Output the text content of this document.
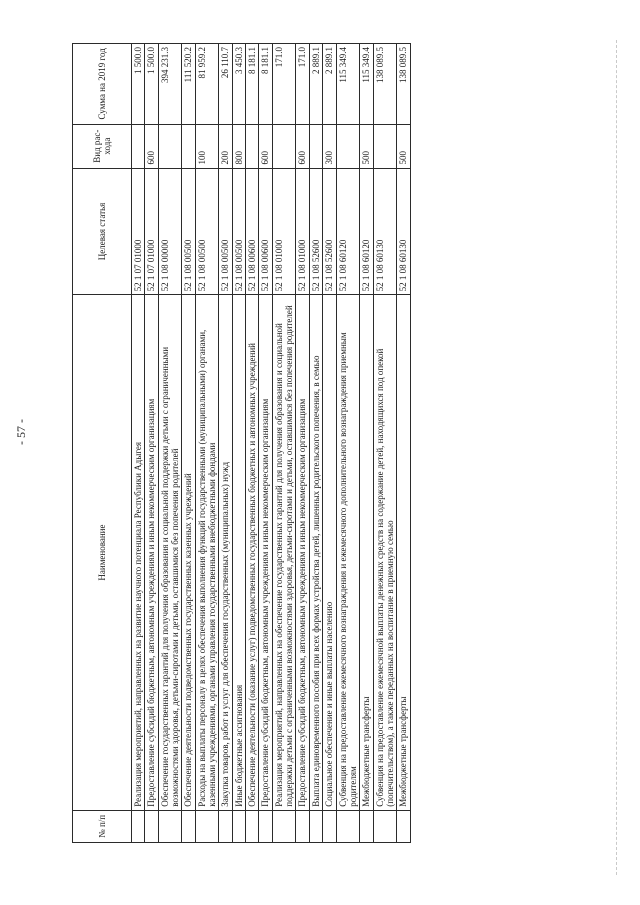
- 57 -
№ п/п	Наименование	Целевая статья	Вид рас-хода	Сумма на 2019 год
	Реализация мероприятий, направленных на развитие научного потенциала Республики Адыгея	52 1 07 01000		1 500.0
	Предоставление субсидий бюджетным, автономным учреждениям и иным некоммерческим организациям	52 1 07 01000	600	1 500.0
	Обеспечение государственных гарантий для получения образования и социальной поддержки детьми с ограниченными возможностями здоровья, детьми-сиротами и детьми, оставшимися без попечения родителей	52 1 08 00000		394 231.3
	Обеспечение деятельности подведомственных государственных казенных учреждений	52 1 08 00500		111 520.2
	Расходы на выплаты персоналу в целях обеспечения выполнения функций государственными (муниципальными) органами, казенными учреждениями, органами управления государственными внебюджетными фондами	52 1 08 00500	100	81 959.2
	Закупка товаров, работ и услуг для обеспечения государственных (муниципальных) нужд	52 1 08 00500	200	26 110.7
	Иные бюджетные ассигнования	52 1 08 00500	800	3 450.3
	Обеспечение деятельности (оказание услуг) подведомственных государственных бюджетных и автономных учреждений	52 1 08 00600		8 181.1
	Предоставление субсидий бюджетным, автономным учреждениям и иным некоммерческим организациям	52 1 08 00600	600	8 181.1
	Реализация мероприятий, направленных на обеспечение государственных гарантий для получения образования и социальной поддержки детьми с ограниченными возможностями здоровья, детьми-сиротами и детьми, оставшимися без попечения родителей	52 1 08 01000		171.0
	Предоставление субсидий бюджетным, автономным учреждениям и иным некоммерческим организациям	52 1 08 01000	600	171.0
	Выплата единовременного пособия при всех формах устройства детей, лишенных родительского попечения, в семью	52 1 08 52600		2 889.1
	Социальное обеспечение и иные выплаты населению	52 1 08 52600	300	2 889.1
	Субвенция на предоставление ежемесячного вознаграждения и ежемесячного дополнительного вознаграждения приемным родителям	52 1 08 60120		115 349.4
	Межбюджетные трансферты	52 1 08 60120	500	115 349.4
	Субвенция на предоставление ежемесячной выплаты денежных средств на содержание детей, находящихся под опекой (попечительством), а также переданных на воспитание в приемную семью	52 1 08 60130		138 089.5
	Межбюджетные трансферты	52 1 08 60130	500	138 089.5
